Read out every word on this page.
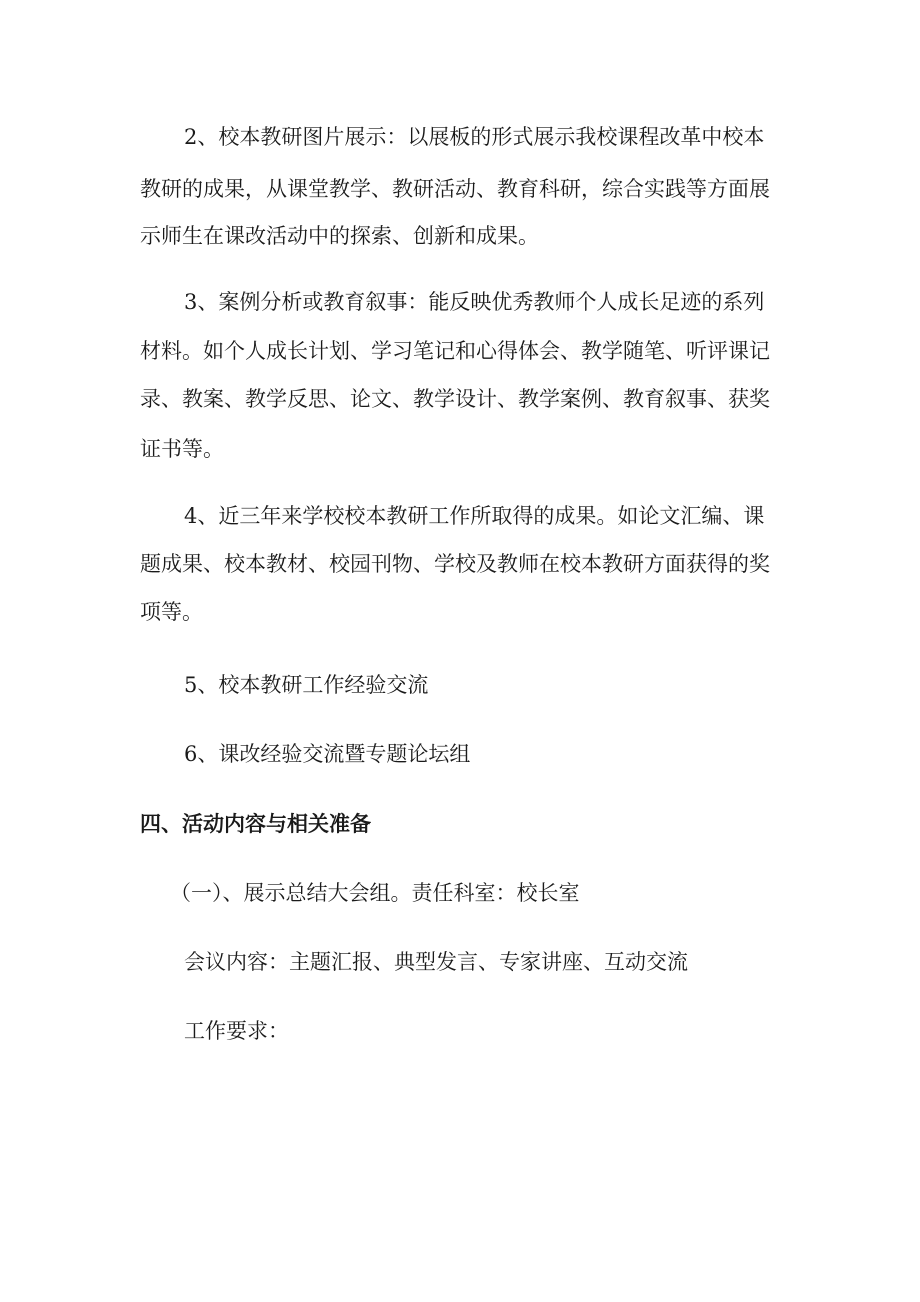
2、校本教研图片展示：以展板的形式展示我校课程改革中校本

教研的成果，从课堂教学、教研活动、教育科研，综合实践等方面展

示师生在课改活动中的探索、创新和成果。

3、案例分析或教育叙事：能反映优秀教师个人成长足迹的系列

材料。如个人成长计划、学习笔记和心得体会、教学随笔、听评课记

录、教案、教学反思、论文、教学设计、教学案例、教育叙事、获奖

证书等。

4、近三年来学校校本教研工作所取得的成果。如论文汇编、课

题成果、校本教材、校园刊物、学校及教师在校本教研方面获得的奖

项等。

5、校本教研工作经验交流

6、课改经验交流暨专题论坛组

四、活动内容与相关准备

（一）、展示总结大会组。责任科室：校长室

会议内容：主题汇报、典型发言、专家讲座、互动交流

工作要求：
